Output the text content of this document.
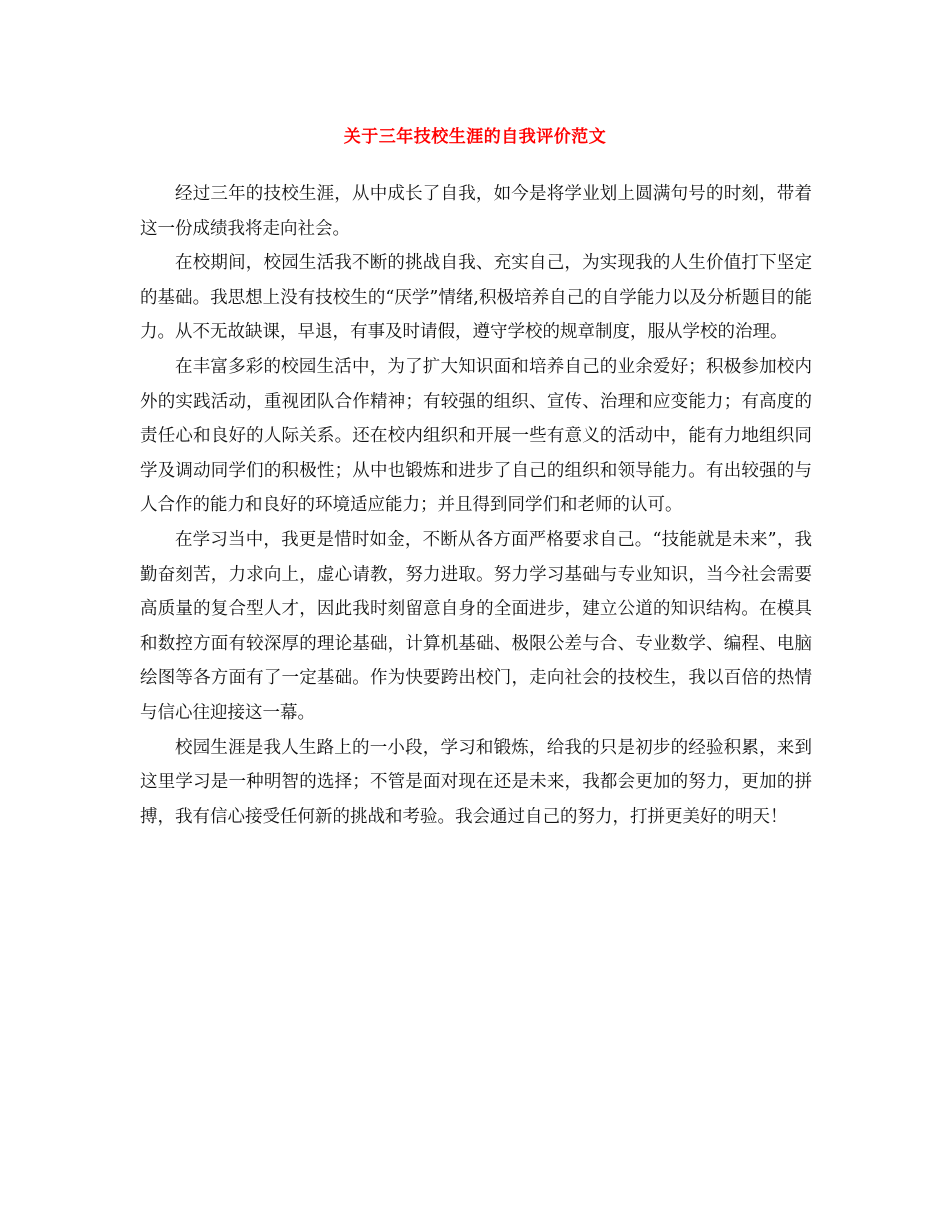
关于三年技校生涯的自我评价范文

经过三年的技校生涯，从中成长了自我，如今是将学业划上圆满句号的时刻，带着这一份成绩我将走向社会。

在校期间，校园生活我不断的挑战自我、充实自己，为实现我的人生价值打下坚定的基础。我思想上没有技校生的“厌学”情绪,积极培养自己的自学能力以及分析题目的能力。从不无故缺课，早退，有事及时请假，遵守学校的规章制度，服从学校的治理。

在丰富多彩的校园生活中，为了扩大知识面和培养自己的业余爱好；积极参加校内外的实践活动，重视团队合作精神；有较强的组织、宣传、治理和应变能力；有高度的责任心和良好的人际关系。还在校内组织和开展一些有意义的活动中，能有力地组织同学及调动同学们的积极性；从中也锻炼和进步了自己的组织和领导能力。有出较强的与人合作的能力和良好的环境适应能力；并且得到同学们和老师的认可。

在学习当中，我更是惜时如金，不断从各方面严格要求自己。“技能就是未来”，我勤奋刻苦，力求向上，虚心请教，努力进取。努力学习基础与专业知识，当今社会需要高质量的复合型人才，因此我时刻留意自身的全面进步，建立公道的知识结构。在模具和数控方面有较深厚的理论基础，计算机基础、极限公差与合、专业数学、编程、电脑绘图等各方面有了一定基础。作为快要跨出校门，走向社会的技校生，我以百倍的热情与信心往迎接这一幕。

校园生涯是我人生路上的一小段，学习和锻炼，给我的只是初步的经验积累，来到这里学习是一种明智的选择；不管是面对现在还是未来，我都会更加的努力，更加的拼搏，我有信心接受任何新的挑战和考验。我会通过自己的努力，打拼更美好的明天！
